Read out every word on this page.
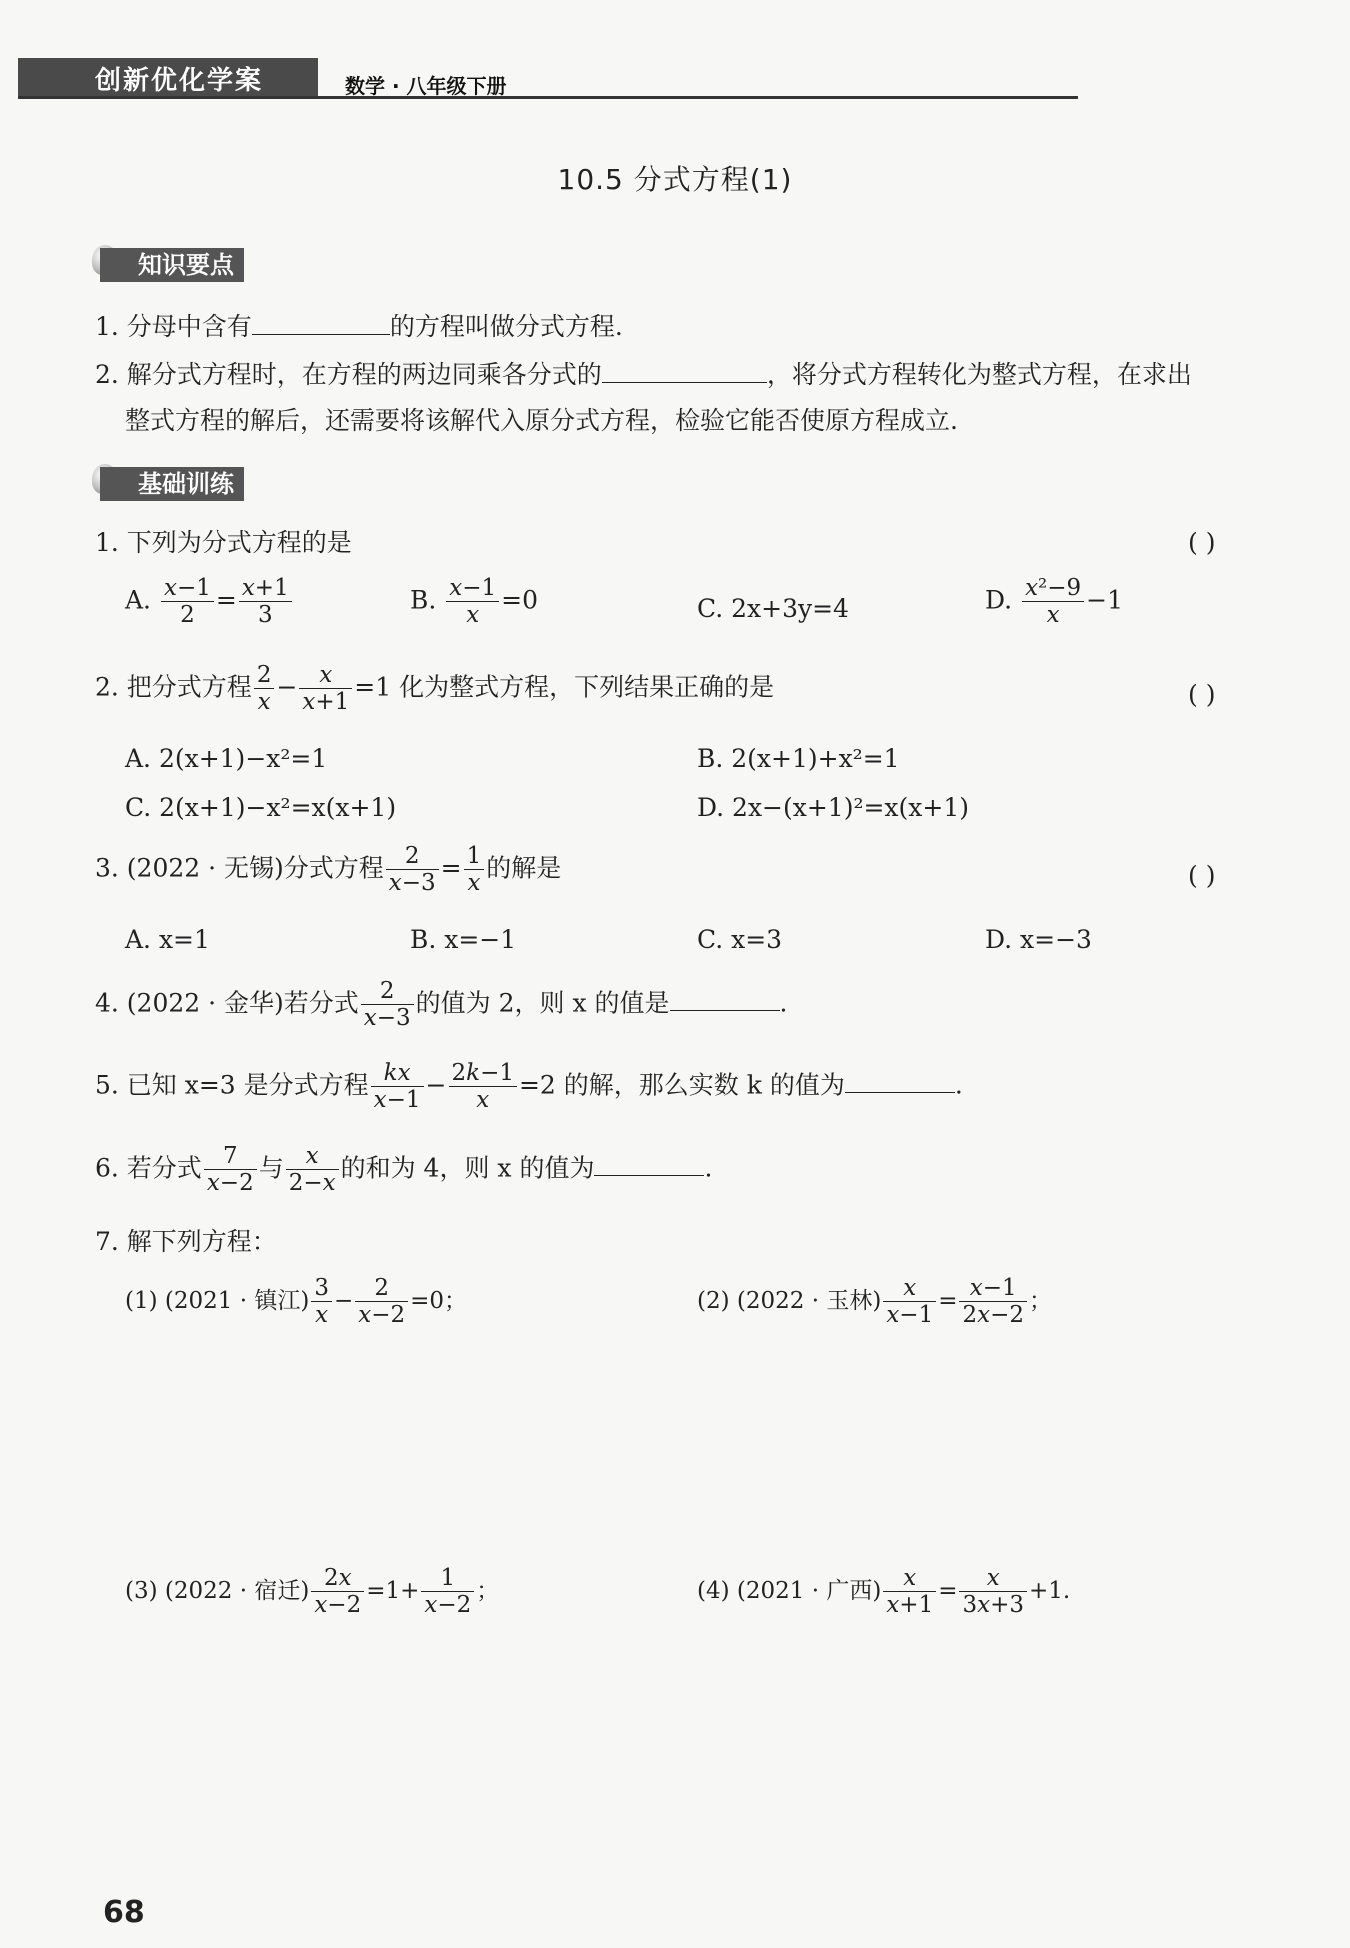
创新优化学案	数学 · 八年级下册
10.5 分式方程(1)
知识要点
1. 分母中含有	的方程叫做分式方程.
2. 解分式方程时，在方程的两边同乘各分式的	，将分式方程转化为整式方程，在求出
整式方程的解后，还需要将该解代入原分式方程，检验它能否使原方程成立.
基础训练
1. 下列为分式方程的是	( )
A. $\frac{x-1}{2} = \frac{x+1}{3}$	B. $\frac{x-1}{x} =0$	C. 2x+3y=4	D. $\frac{\text{x²−9}}{x} -1$
2. 把分式方程 $\frac{2}{x} - \frac{x}{x+1} =1$ 化为整式方程，下列结果正确的是	( )
A. 2(x+1)−x²=1	B. 2(x+1)+x²=1
C. 2(x+1)−x²=x(x+1)	D. 2x−(x+1)²=x(x+1)
3. (2022 · 无锡)分式方程 $\frac{2}{x-3} = \frac{1}{x}$ 的解是	( )
A. x=1	B. x=−1	C. x=3	D. x=−3
4. (2022 · 金华)若分式 $\frac{2}{x-3}$ 的值为 2，则 x 的值是	.
5. 已知 x=3 是分式方程 $\frac{kx}{x-1} - \frac{2k-1}{x} =2$ 的解，那么实数 k 的值为	.
6. 若分式 $\frac{7}{x-2}$ 与 $\frac{x}{2-x}$ 的和为 4，则 x 的值为	.
7. 解下列方程：
(1) (2021 · 镇江) $\frac{3}{x} - \frac{2}{x-2} =0$；	(2) (2022 · 玉林) $\frac{x}{x-1} = \frac{x-1}{2x-2}$ ；
(3) (2022 · 宿迁) $\frac{2x}{x-2} =1+ \frac{1}{x-2}$ ；	(4) (2021 · 广西) $\frac{x}{x+1} = \frac{x}{3x+3} +1$.
68
